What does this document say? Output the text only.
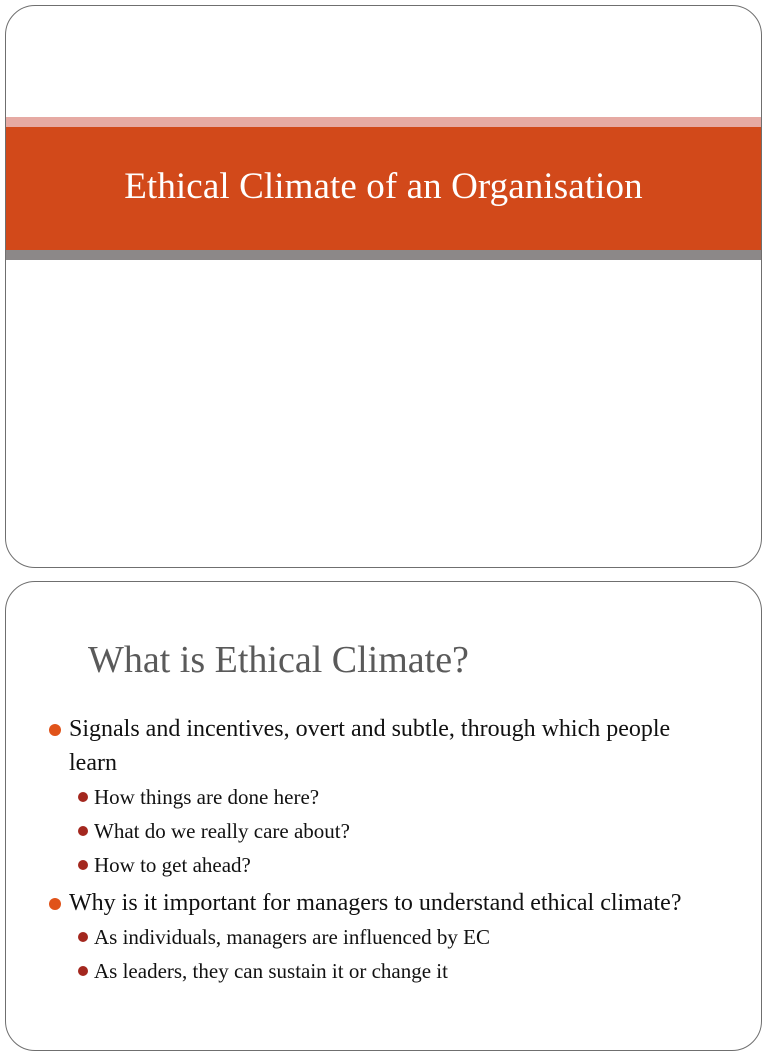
Ethical Climate of an Organisation
What is Ethical Climate?
Signals and incentives, overt and subtle, through which people learn
How things are done here?
What do we really care about?
How to get ahead?
Why is it important for managers to understand ethical climate?
As individuals, managers are influenced by EC
As leaders, they can sustain it or change it
